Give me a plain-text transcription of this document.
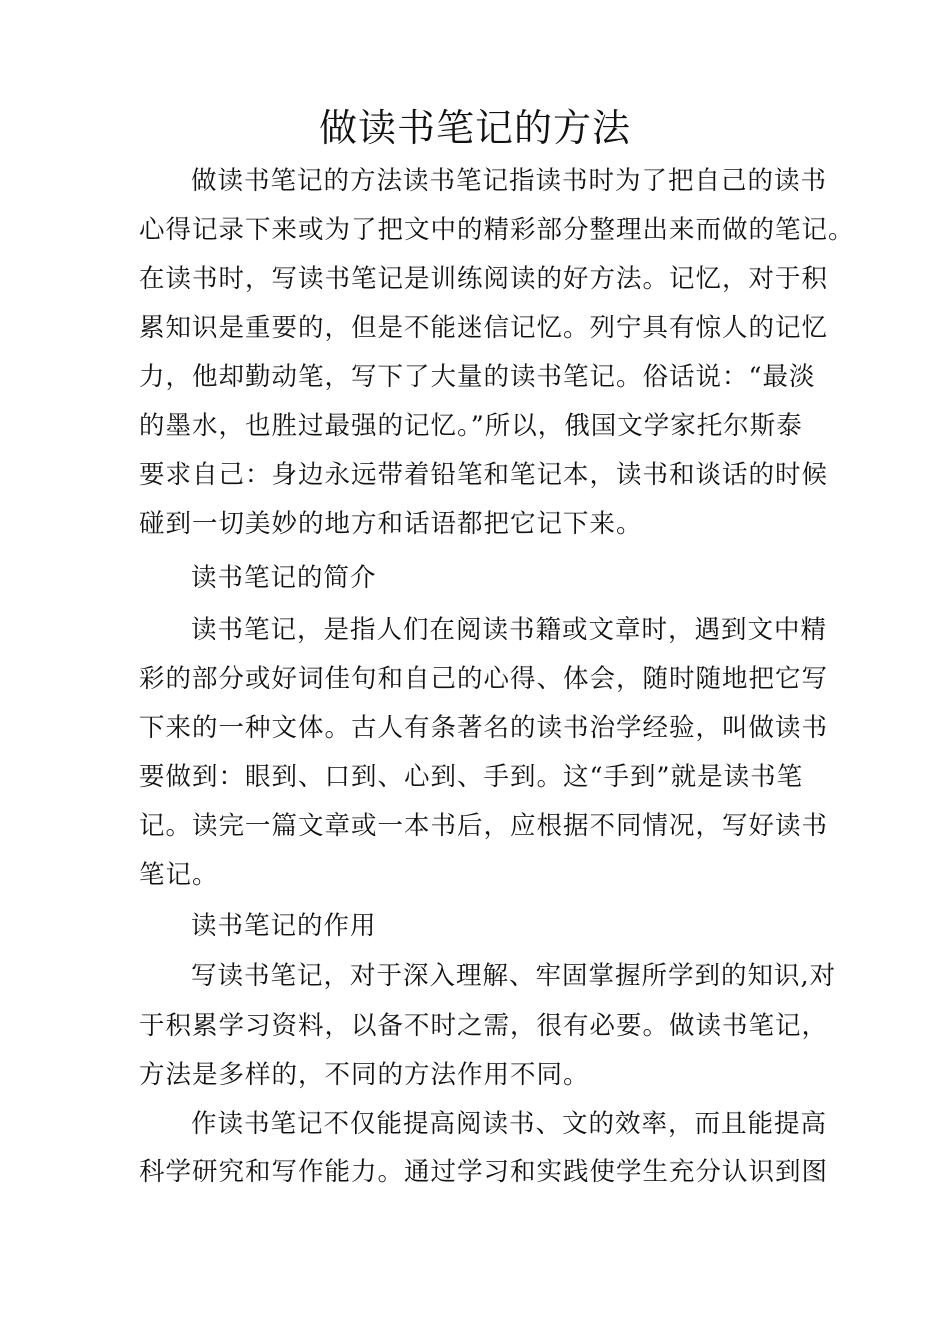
做读书笔记的方法
做读书笔记的方法读书笔记指读书时为了把自己的读书
心得记录下来或为了把文中的精彩部分整理出来而做的笔记。
在读书时，写读书笔记是训练阅读的好方法。记忆，对于积
累知识是重要的，但是不能迷信记忆。列宁具有惊人的记忆
力，他却勤动笔，写下了大量的读书笔记。俗话说：“最淡
的墨水，也胜过最强的记忆。”所以，俄国文学家托尔斯泰
要求自己：身边永远带着铅笔和笔记本，读书和谈话的时候
碰到一切美妙的地方和话语都把它记下来。
读书笔记的简介
读书笔记，是指人们在阅读书籍或文章时，遇到文中精
彩的部分或好词佳句和自己的心得、体会，随时随地把它写
下来的一种文体。古人有条著名的读书治学经验，叫做读书
要做到：眼到、口到、心到、手到。这“手到”就是读书笔
记。读完一篇文章或一本书后，应根据不同情况，写好读书
笔记。
读书笔记的作用
写读书笔记，对于深入理解、牢固掌握所学到的知识,对
于积累学习资料，以备不时之需，很有必要。做读书笔记，
方法是多样的，不同的方法作用不同。
作读书笔记不仅能提高阅读书、文的效率，而且能提高
科学研究和写作能力。通过学习和实践使学生充分认识到图
